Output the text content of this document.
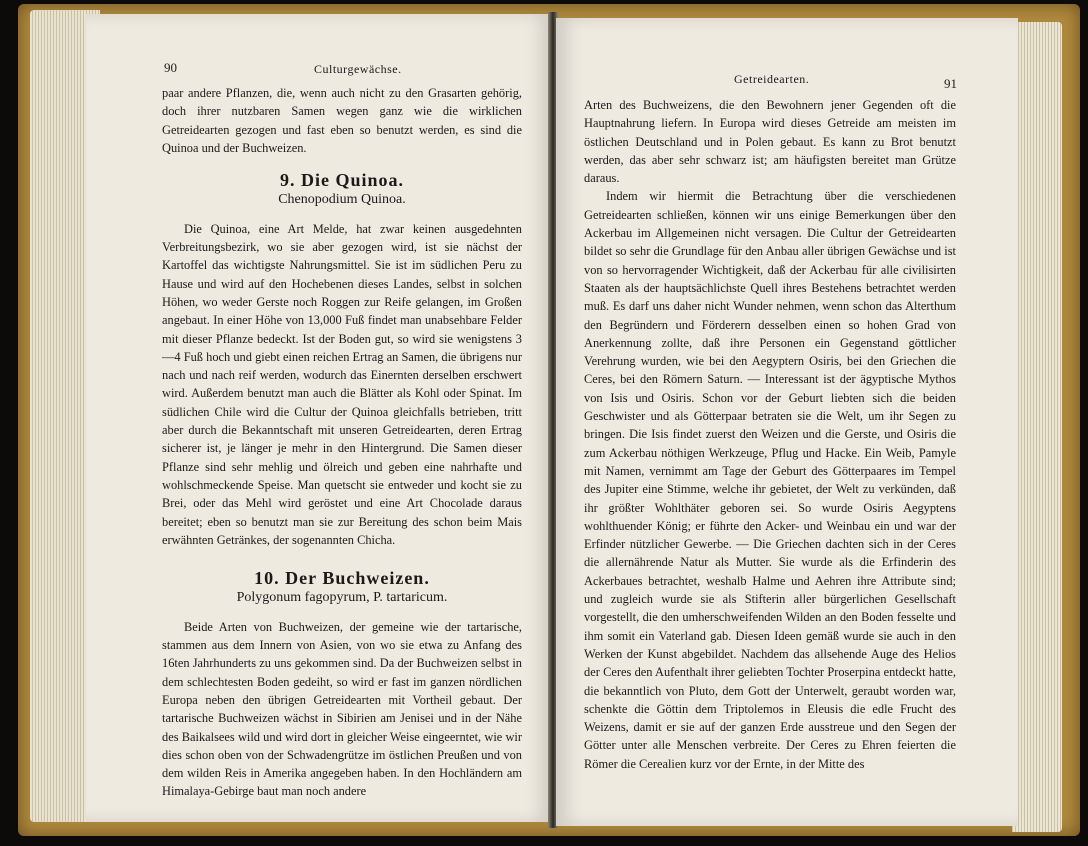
90	Culturgewächse.

paar andere Pflanzen, die, wenn auch nicht zu den Grasarten gehörig, doch ihrer nutzbaren Samen wegen ganz wie die wirklichen Getreidearten gezogen und fast eben so benutzt werden, es sind die Quinoa und der Buchweizen.

9. Die Quinoa.
Chenopodium Quinoa.

Die Quinoa, eine Art Melde, hat zwar keinen ausgedehnten Verbreitungsbezirk, wo sie aber gezogen wird, ist sie nächst der Kartoffel das wichtigste Nahrungsmittel. Sie ist im südlichen Peru zu Hause und wird auf den Hochebenen dieses Landes, selbst in solchen Höhen, wo weder Gerste noch Roggen zur Reife gelangen, im Großen angebaut. In einer Höhe von 13,000 Fuß findet man unabsehbare Felder mit dieser Pflanze bedeckt. Ist der Boden gut, so wird sie wenigstens 3—4 Fuß hoch und giebt einen reichen Ertrag an Samen, die übrigens nur nach und nach reif werden, wodurch das Einernten derselben erschwert wird. Außerdem benutzt man auch die Blätter als Kohl oder Spinat. Im südlichen Chile wird die Cultur der Quinoa gleichfalls betrieben, tritt aber durch die Bekanntschaft mit unseren Getreidearten, deren Ertrag sicherer ist, je länger je mehr in den Hintergrund. Die Samen dieser Pflanze sind sehr mehlig und ölreich und geben eine nahrhafte und wohlschmeckende Speise. Man quetscht sie entweder und kocht sie zu Brei, oder das Mehl wird geröstet und eine Art Chocolade daraus bereitet; eben so benutzt man sie zur Bereitung des schon beim Mais erwähnten Getränkes, der sogenannten Chicha.

10. Der Buchweizen.
Polygonum fagopyrum, P. tartaricum.

Beide Arten von Buchweizen, der gemeine wie der tartarische, stammen aus dem Innern von Asien, von wo sie etwa zu Anfang des 16ten Jahrhunderts zu uns gekommen sind. Da der Buchweizen selbst in dem schlechtesten Boden gedeiht, so wird er fast im ganzen nördlichen Europa neben den übrigen Getreidearten mit Vortheil gebaut. Der tartarische Buchweizen wächst in Sibirien am Jenisei und in der Nähe des Baikalsees wild und wird dort in gleicher Weise eingeerntet, wie wir dies schon oben von der Schwadengrütze im östlichen Preußen und von dem wilden Reis in Amerika angegeben haben. In den Hochländern am Himalaya-Gebirge baut man noch andere

Getreidearten.	91

Arten des Buchweizens, die den Bewohnern jener Gegenden oft die Hauptnahrung liefern. In Europa wird dieses Getreide am meisten im östlichen Deutschland und in Polen gebaut. Es kann zu Brot benutzt werden, das aber sehr schwarz ist; am häufigsten bereitet man Grütze daraus.

Indem wir hiermit die Betrachtung über die verschiedenen Getreidearten schließen, können wir uns einige Bemerkungen über den Ackerbau im Allgemeinen nicht versagen. Die Cultur der Getreidearten bildet so sehr die Grundlage für den Anbau aller übrigen Gewächse und ist von so hervorragender Wichtigkeit, daß der Ackerbau für alle civilisirten Staaten als der hauptsächlichste Quell ihres Bestehens betrachtet werden muß. Es darf uns daher nicht Wunder nehmen, wenn schon das Alterthum den Begründern und Förderern desselben einen so hohen Grad von Anerkennung zollte, daß ihre Personen ein Gegenstand göttlicher Verehrung wurden, wie bei den Aegyptern Osiris, bei den Griechen die Ceres, bei den Römern Saturn. — Interessant ist der ägyptische Mythos von Isis und Osiris. Schon vor der Geburt liebten sich die beiden Geschwister und als Götterpaar betraten sie die Welt, um ihr Segen zu bringen. Die Isis findet zuerst den Weizen und die Gerste, und Osiris die zum Ackerbau nöthigen Werkzeuge, Pflug und Hacke. Ein Weib, Pamyle mit Namen, vernimmt am Tage der Geburt des Götterpaares im Tempel des Jupiter eine Stimme, welche ihr gebietet, der Welt zu verkünden, daß ihr größter Wohlthäter geboren sei. So wurde Osiris Aegyptens wohlthuender König; er führte den Acker- und Weinbau ein und war der Erfinder nützlicher Gewerbe. — Die Griechen dachten sich in der Ceres die allernährende Natur als Mutter. Sie wurde als die Erfinderin des Ackerbaues betrachtet, weshalb Halme und Aehren ihre Attribute sind; und zugleich wurde sie als Stifterin aller bürgerlichen Gesellschaft vorgestellt, die den umherschweifenden Wilden an den Boden fesselte und ihm somit ein Vaterland gab. Diesen Ideen gemäß wurde sie auch in den Werken der Kunst abgebildet. Nachdem das allsehende Auge des Helios der Ceres den Aufenthalt ihrer geliebten Tochter Proserpina entdeckt hatte, die bekanntlich von Pluto, dem Gott der Unterwelt, geraubt worden war, schenkte die Göttin dem Triptolemos in Eleusis die edle Frucht des Weizens, damit er sie auf der ganzen Erde ausstreue und den Segen der Götter unter alle Menschen verbreite. Der Ceres zu Ehren feierten die Römer die Cerealien kurz vor der Ernte, in der Mitte des
